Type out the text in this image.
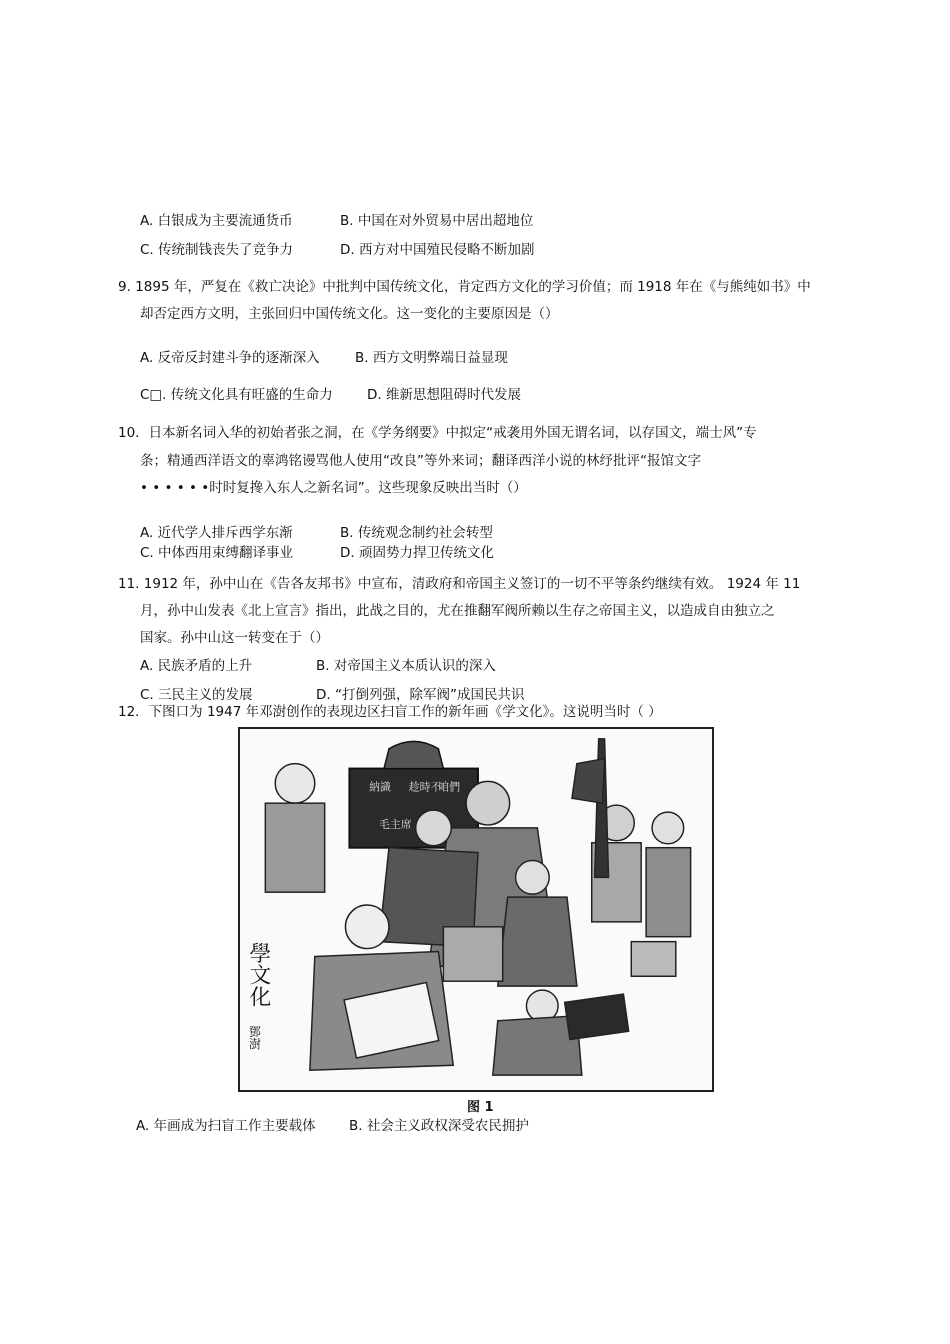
A. 白银成为主要流通货币	B. 中国在对外贸易中居出超地位
C. 传统制钱丧失了竞争力	D. 西方对中国殖民侵略不断加剧
9. 1895 年，严复在《救亡决论》中批判中国传统文化，肯定西方文化的学习价值；而 1918 年在《与熊纯如书》中
却否定西方文明，主张回归中国传统文化。这一变化的主要原因是（）
A. 反帝反封建斗争的逐渐深入	B. 西方文明弊端日益显现
C□. 传统文化具有旺盛的生命力	D. 维新思想阻碍时代发展
10．日本新名词入华的初始者张之洞，在《学务纲要》中拟定“戒袭用外国无谓名词，以存国文，端士风”专
条；精通西洋语文的辜鸿铭谩骂他人使用“改良”等外来词；翻译西洋小说的林纾批评“报馆文字
• • • • • •时时复搀入东人之新名词”。这些现象反映出当时（）
A. 近代学人排斥西学东渐	B. 传统观念制约社会转型
C. 中体西用束缚翻译事业	D. 顽固势力捍卫传统文化
11. 1912 年，孙中山在《告各友邦书》中宣布，清政府和帝国主义签订的一切不平等条约继续有效。 1924 年 11
月，孙中山发表《北上宣言》指出，此战之目的，尤在推翻军阀所赖以生存之帝国主义，以造成自由独立之
国家。孙中山这一转变在于（）
A. 民族矛盾的上升	B. 对帝国主义本质认识的深入
C. 三民主义的发展	D. “打倒列强，除军阀”成国民共识
12．下图口为 1947 年邓澍创作的表现边区扫盲工作的新年画《学文化》。这说明当时（ ）
咱們
趁時不
納識
毛主席
學文化
鄧澍
图 1
A. 年画成为扫盲工作主要载体 B. 社会主义政权深受农民拥护
